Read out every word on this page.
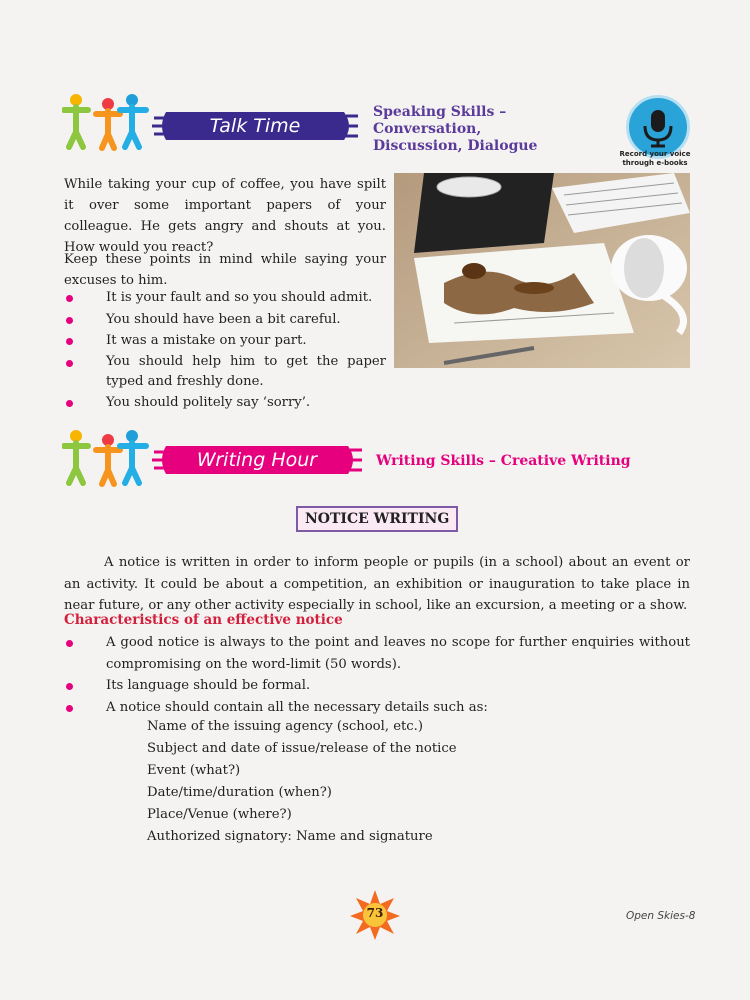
Talk Time
Speaking Skills –
Conversation,
Discussion, Dialogue	Record your voice
through e-books
While taking your cup of coffee, you have spilt it over some important papers of your colleague. He gets angry and shouts at you. How would you react?
Keep these points in mind while saying your excuses to him.
It is your fault and so you should admit.
You should have been a bit careful.
It was a mistake on your part.
You should help him to get the paper typed and freshly done.
You should politely say ‘sorry’.
Writing Hour	Writing Skills – Creative Writing
NOTICE WRITING
A notice is written in order to inform people or pupils (in a school) about an event or an activity. It could be about a competition, an exhibition or inauguration to take place in near future, or any other activity especially in school, like an excursion, a meeting or a show.
Characteristics of an effective notice
A good notice is always to the point and leaves no scope for further enquiries without compromising on the word-limit (50 words).
Its language should be formal.
A notice should contain all the necessary details such as:
Name of the issuing agency (school, etc.)
Subject and date of issue/release of the notice
Event (what?)
Date/time/duration (when?)
Place/Venue (where?)
Authorized signatory: Name and signature
73	Open Skies-8
